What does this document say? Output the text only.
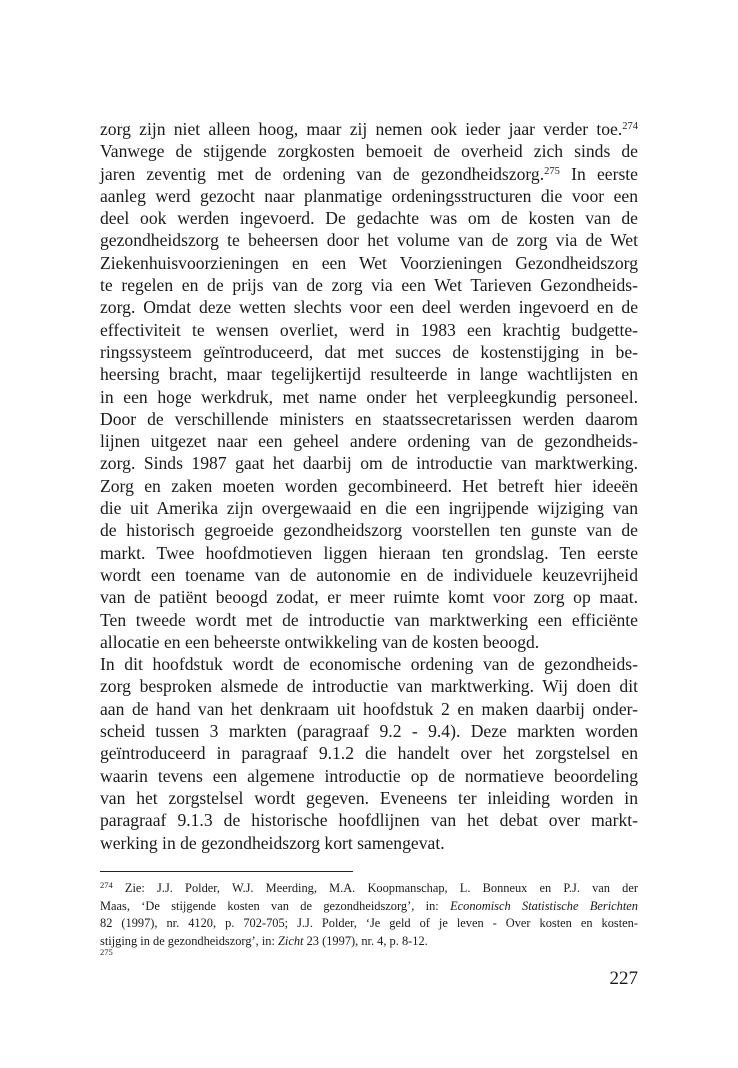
zorg zijn niet alleen hoog, maar zij nemen ook ieder jaar verder toe.$^{274}$
Vanwege de stijgende zorgkosten bemoeit de overheid zich sinds de
jaren zeventig met de ordening van de gezondheidszorg.$^{275}$ In eerste
aanleg werd gezocht naar planmatige ordeningsstructuren die voor een
deel ook werden ingevoerd. De gedachte was om de kosten van de
gezondheidszorg te beheersen door het volume van de zorg via de Wet
Ziekenhuisvoorzieningen en een Wet Voorzieningen Gezondheidszorg
te regelen en de prijs van de zorg via een Wet Tarieven Gezondheids-
zorg. Omdat deze wetten slechts voor een deel werden ingevoerd en de
effectiviteit te wensen overliet, werd in 1983 een krachtig budgette-
ringssysteem geïntroduceerd, dat met succes de kostenstijging in be-
heersing bracht, maar tegelijkertijd resulteerde in lange wachtlijsten en
in een hoge werkdruk, met name onder het verpleegkundig personeel.
Door de verschillende ministers en staatssecretarissen werden daarom
lijnen uitgezet naar een geheel andere ordening van de gezondheids-
zorg. Sinds 1987 gaat het daarbij om de introductie van marktwerking.
Zorg en zaken moeten worden gecombineerd. Het betreft hier ideeën
die uit Amerika zijn overgewaaid en die een ingrijpende wijziging van
de historisch gegroeide gezondheidszorg voorstellen ten gunste van de
markt. Twee hoofdmotieven liggen hieraan ten grondslag. Ten eerste
wordt een toename van de autonomie en de individuele keuzevrijheid
van de patiënt beoogd zodat, er meer ruimte komt voor zorg op maat.
Ten tweede wordt met de introductie van marktwerking een efficiënte
allocatie en een beheerste ontwikkeling van de kosten beoogd.
In dit hoofdstuk wordt de economische ordening van de gezondheids-
zorg besproken alsmede de introductie van marktwerking. Wij doen dit
aan de hand van het denkraam uit hoofdstuk 2 en maken daarbij onder-
scheid tussen 3 markten (paragraaf 9.2 - 9.4). Deze markten worden
geïntroduceerd in paragraaf 9.1.2 die handelt over het zorgstelsel en
waarin tevens een algemene introductie op de normatieve beoordeling
van het zorgstelsel wordt gegeven. Eveneens ter inleiding worden in
paragraaf 9.1.3 de historische hoofdlijnen van het debat over markt-
werking in de gezondheidszorg kort samengevat.
$^{274}$ Zie: J.J. Polder, W.J. Meerding, M.A. Koopmanschap, L. Bonneux en P.J. van der
Maas, ‘De stijgende kosten van de gezondheidszorg’, in: Economisch Statistische Berichten
82 (1997), nr. 4120, p. 702-705; J.J. Polder, ‘Je geld of je leven - Over kosten en kosten-
stijging in de gezondheidszorg’, in: Zicht 23 (1997), nr. 4, p. 8-12.
$^{275}$
227
